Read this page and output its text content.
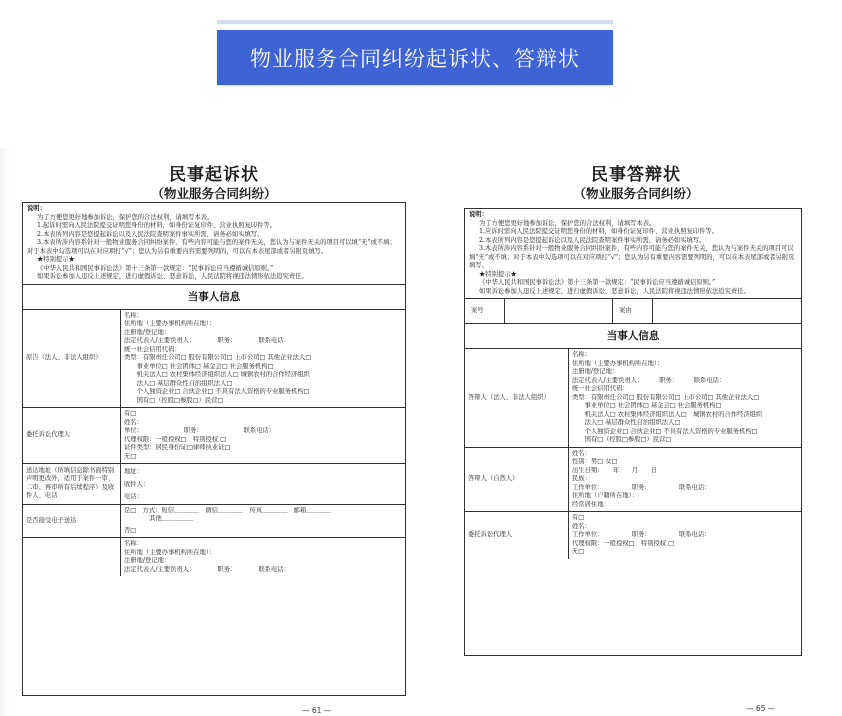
物业服务合同纠纷起诉状、答辩状
民事起诉状
（物业服务合同纠纷）
说明：
为了方便您更好地参加诉讼，保护您的合法权利，请填写本表。
1.起诉时需向人民法院提交证明您身份的材料，如身份证复印件、营业执照复印件等。
2.本表所列内容是您提起诉讼以及人民法院查明案件事实所需，请务必如实填写。
3.本表所涉内容系针对一般物业服务合同纠纷案件，有些内容可能与您的案件无关，您认为与案件无关的项目可以填“无”或不填；对于本表中勾选项可以在对应项打“√”；您认为另有重要内容需要列明的，可以在本表尾部或者另附页填写。
★特别提示★
《中华人民共和国民事诉讼法》第十三条第一款规定：“民事诉讼应当遵循诚信原则。”
如果诉讼参加人违反上述规定，进行虚假诉讼、恶意诉讼，人民法院将视违法情形依法追究责任。
当事人信息
原告（法人、非法人组织）
名称：
住所地（主要办事机构所在地）：
注册地/登记地：
法定代表人/主要负责人：　　　　职务：　　　　联系电话：
统一社会信用代码：
类型：有限责任公司□ 股份有限公司□ 上市公司□ 其他企业法人□
　　事业单位□ 社会团体□ 基金会□ 社会服务机构□
　　机关法人□ 农村集体经济组织法人□ 城镇农村的合作经济组织
　　法人□ 基层群众性自治组织法人□
　　个人独资企业□ 合伙企业□ 不具有法人资格的专业服务机构□
　　国有□（控股□参股□）民营□
委托诉讼代理人
有□
姓名：
单位：　　　　　　　职务：　　　　　　　联系电话：
代理权限：一般授权□　特别授权 □
证件类型：居民身份证□律师执业证□
无□
送达地址（所填信息除书面特别
声明更改外，适用于案件一审、
二审、再审所有后续程序）及收
件人、电话
地址：
收件人：
电话：
是否接受电子送达
是□　方式：短信＿＿＿＿　微信＿＿＿＿　传真＿＿＿＿　邮箱＿＿＿＿
　　　　其他＿＿＿＿＿
否□
名称：
住所地（主要办事机构所在地）：
注册地/登记地：
法定代表人/主要负责人：　　　　职务：　　　　联系电话：
— 61 —
民事答辩状
（物业服务合同纠纷）
说明：
为了方便您更好地参加诉讼，保护您的合法权利，请填写本表。
1.应诉时需向人民法院提交证明您身份的材料，如身份证复印件、营业执照复印件等。
2.本表所列内容是您提起诉讼以及人民法院查明案件事实所需，请务必如实填写。
3.本表所涉内容系针对一般物业服务合同纠纷案件，有些内容可能与您的案件无关，您认为与案件无关的项目可以填“无”或不填；对于本表中勾选项可以在对应项打“√”；您认为另有重要内容需要列明的，可以在本表尾部或者另附页填写。
★特别提示★
《中华人民共和国民事诉讼法》第十三条第一款规定：“民事诉讼应当遵循诚信原则。”
如果诉讼参加人违反上述规定，进行虚假诉讼、恶意诉讼，人民法院将视违法情形依法追究责任。
案号	案由
当事人信息
答辩人（法人、非法人组织）
名称：
住所地（主要办事机构所在地）：
注册地/登记地：
法定代表人/主要负责人：　　　职务：　　　联系电话：
统一社会信用代码：
类型：有限责任公司□ 股份有限公司□ 上市公司□ 其他企业法人□
　　事业单位□ 社会团体□ 基金会□ 社会服务机构□
　　机关法人□ 农村集体经济组织法人□　城镇农村的合作经济组织
　　法人□ 基层群众性自治组织法人□
　　个人独资企业□ 合伙企业□ 不具有法人资格的专业服务机构□
　　国有□（控股□参股□）民营□
答辩人（自然人）
姓名：
性别：男□ 女□
出生日期：　　年　　月　　日
民族：
工作单位：　　　　　职务：　　　　　联系电话：
住所地（户籍所在地）：
经常居住地：
委托诉讼代理人
有□
姓名：
工作单位：　　　　　职务：　　　　　联系电话：
代理权限：一般授权□　特别授权 □
无□
— 65 —
